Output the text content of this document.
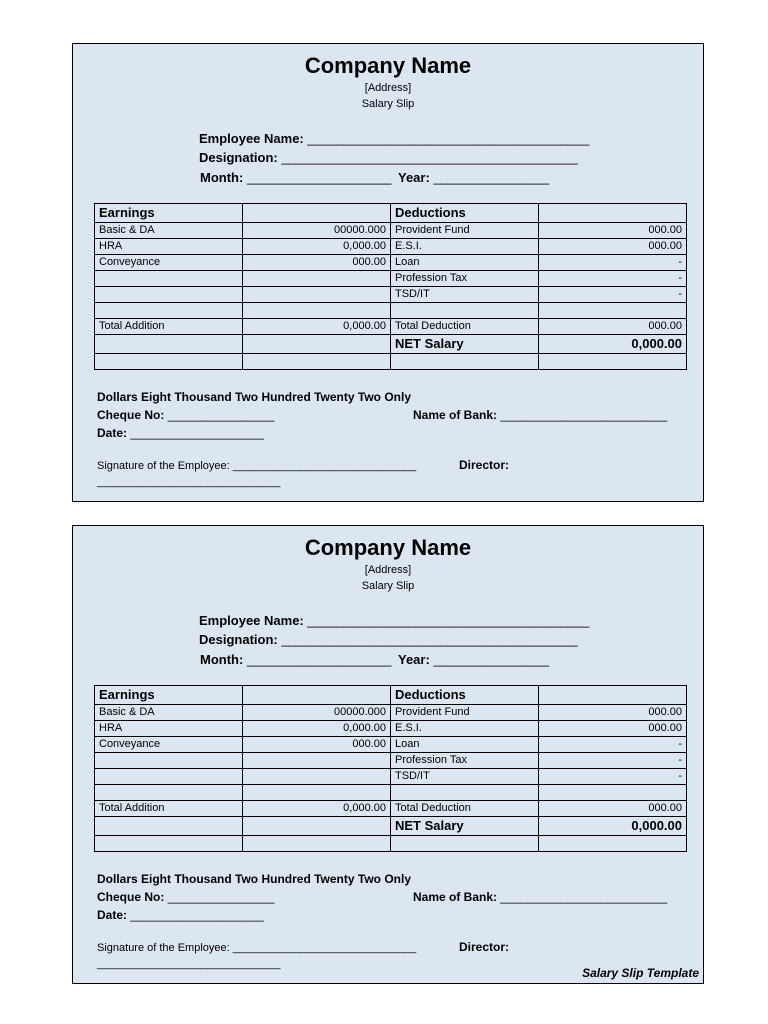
Company Name
[Address]
Salary Slip
Employee Name: _______________________________________
Designation: _________________________________________
Month: ____________________ Year: ________________
Earnings		Deductions	
Basic & DA	00000.000	Provident Fund	000.00
HRA	0,000.00	E.S.I.	000.00
Conveyance	000.00	Loan	-
		Profession Tax	-
		TSD/IT	-

Total Addition	0,000.00	Total Deduction	000.00
		NET Salary	0,000.00

Dollars Eight Thousand Two Hundred Twenty Two Only
Cheque No: ________________	Name of Bank: _________________________
Date: ____________________
Signature of the Employee: ______________________________	Director:
______________________________
Company Name
[Address]
Salary Slip
Employee Name: _______________________________________
Designation: _________________________________________
Month: ____________________ Year: ________________
Earnings		Deductions	
Basic & DA	00000.000	Provident Fund	000.00
HRA	0,000.00	E.S.I.	000.00
Conveyance	000.00	Loan	-
		Profession Tax	-
		TSD/IT	-

Total Addition	0,000.00	Total Deduction	000.00
		NET Salary	0,000.00

Dollars Eight Thousand Two Hundred Twenty Two Only
Cheque No: ________________	Name of Bank: _________________________
Date: ____________________
Signature of the Employee: ______________________________	Director:
______________________________
Salary Slip Template
